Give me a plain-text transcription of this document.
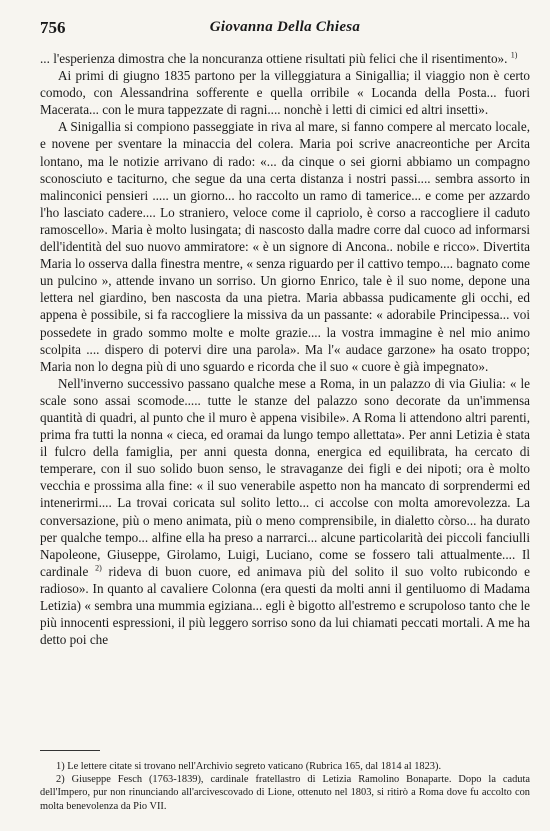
756	Giovanna Della Chiesa

... l'esperienza dimostra che la noncuranza ottiene risultati più felici che il risentimento». $^{1)}$

Ai primi di giugno 1835 partono per la villeggiatura a Sinigallia; il viaggio non è certo comodo, con Alessandrina sofferente e quella orribile « Locanda della Posta... fuori Macerata... con le mura tappezzate di ragni.... nonchè i letti di cimici ed altri insetti».

A Sinigallia si compiono passeggiate in riva al mare, si fanno compere al mercato locale, e novene per sventare la minaccia del colera. Maria poi scrive anacreontiche per Arcita lontano, ma le notizie arrivano di rado: «... da cinque o sei giorni abbiamo un compagno sconosciuto e taciturno, che segue da una certa distanza i nostri passi.... sembra assorto in malinconici pensieri ..... un giorno... ho raccolto un ramo di tamerice... e come per azzardo l'ho lasciato cadere.... Lo straniero, veloce come il capriolo, è corso a raccogliere il caduto ramoscello». Maria è molto lusingata; di nascosto dalla madre corre dal cuoco ad informarsi dell'identità del suo nuovo ammiratore: « è un signore di Ancona.. nobile e ricco». Divertita Maria lo osserva dalla finestra mentre, « senza riguardo per il cattivo tempo.... bagnato come un pulcino », attende invano un sorriso. Un giorno Enrico, tale è il suo nome, depone una lettera nel giardino, ben nascosta da una pietra. Maria abbassa pudicamente gli occhi, ed appena è possibile, si fa raccogliere la missiva da un passante: « adorabile Principessa... voi possedete in grado sommo molte e molte grazie.... la vostra immagine è nel mio animo scolpita .... dispero di potervi dire una parola». Ma l'« audace garzone» ha osato troppo; Maria non lo degna più di uno sguardo e ricorda che il suo « cuore è già impegnato».

Nell'inverno successivo passano qualche mese a Roma, in un palazzo di via Giulia: « le scale sono assai scomode..... tutte le stanze del palazzo sono decorate da un'immensa quantità di quadri, al punto che il muro è appena visibile». A Roma li attendono altri parenti, prima fra tutti la nonna « cieca, ed oramai da lungo tempo allettata». Per anni Letizia è stata il fulcro della famiglia, per anni questa donna, energica ed equilibrata, ha cercato di temperare, con il suo solido buon senso, le stravaganze dei figli e dei nipoti; ora è molto vecchia e prossima alla fine: « il suo venerabile aspetto non ha mancato di sorprendermi ed intenerirmi.... La trovai coricata sul solito letto... ci accolse con molta amorevolezza. La conversazione, più o meno animata, più o meno comprensibile, in dialetto còrso... ha durato per qualche tempo... alfine ella ha preso a narrarci... alcune particolarità dei piccoli fanciulli Napoleone, Giuseppe, Girolamo, Luigi, Luciano, come se fossero tali attualmente.... Il cardinale $^{2)}$ rideva di buon cuore, ed animava più del solito il suo volto rubicondo e radioso». In quanto al cavaliere Colonna (era questi da molti anni il gentiluomo di Madama Letizia) « sembra una mummia egiziana... egli è bigotto all'estremo e scrupoloso tanto che le più innocenti espressioni, il più leggero sorriso sono da lui chiamati peccati mortali. A me ha detto poi che

1) Le lettere citate si trovano nell'Archivio segreto vaticano (Rubrica 165, dal 1814 al 1823).

2) Giuseppe Fesch (1763-1839), cardinale fratellastro di Letizia Ramolino Bonaparte. Dopo la caduta dell'Impero, pur non rinunciando all'arcivescovado di Lione, ottenuto nel 1803, si ritirò a Roma dove fu accolto con molta benevolenza da Pio VII.
